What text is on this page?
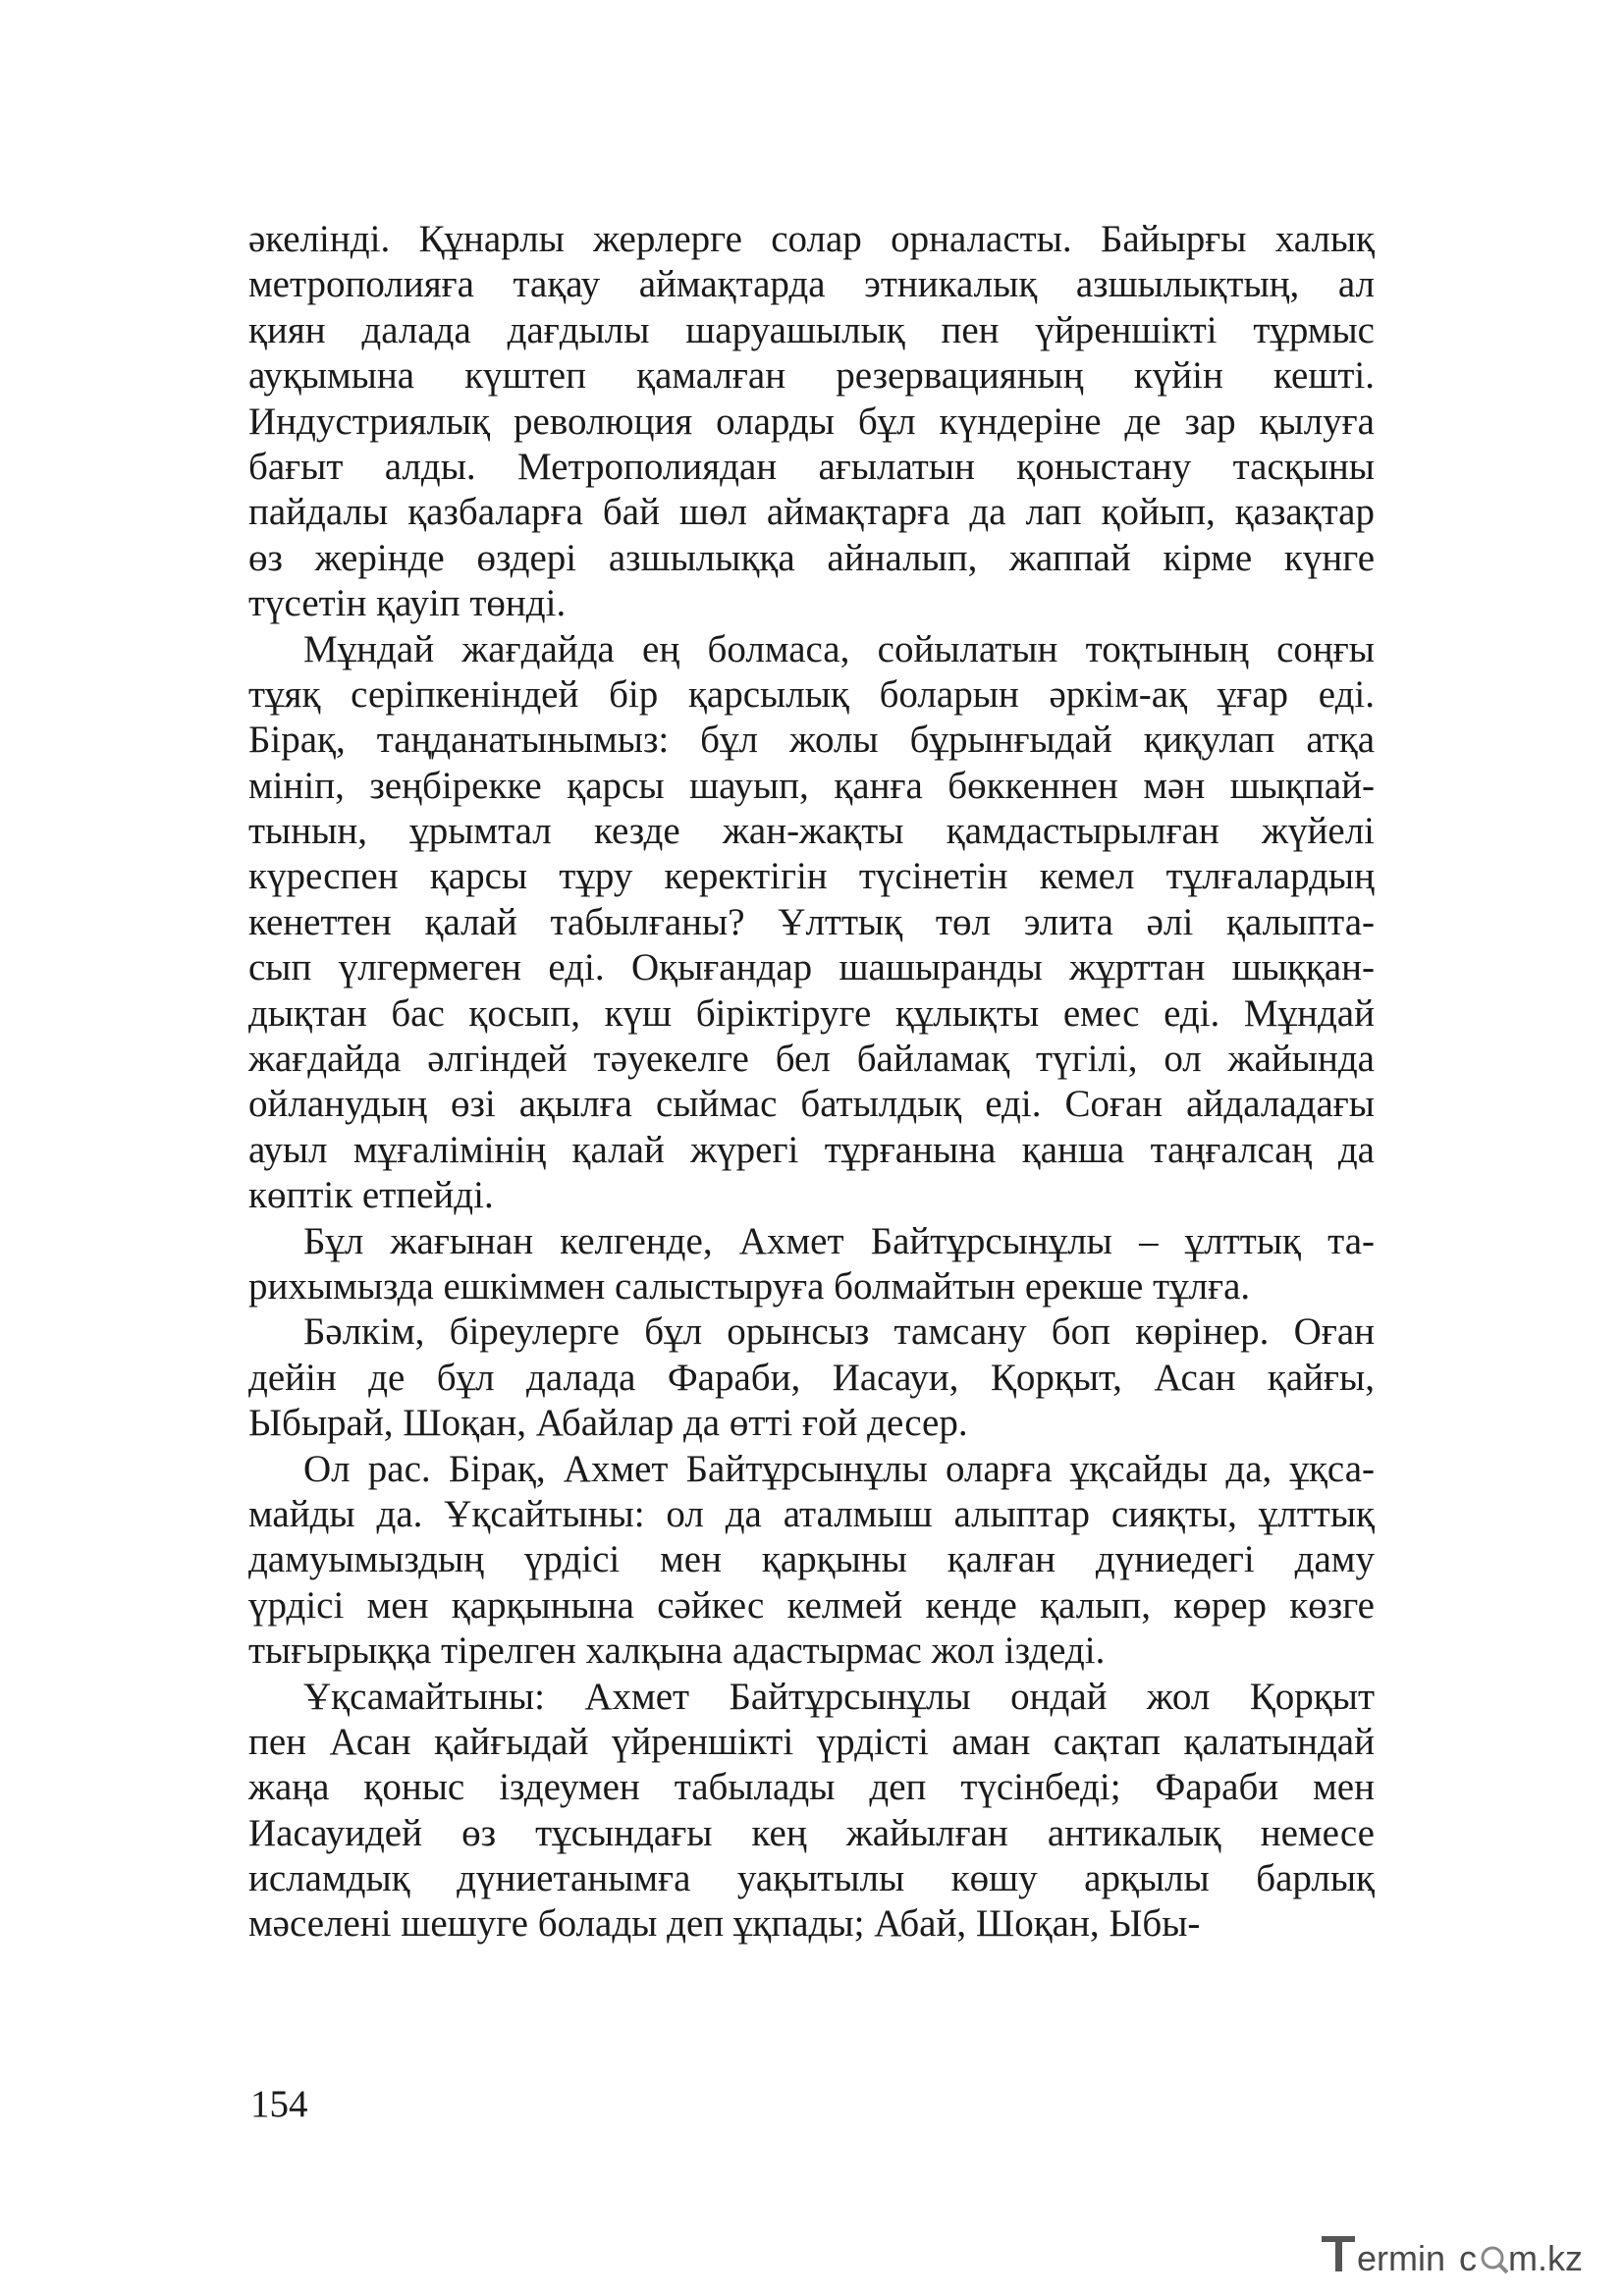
әкелінді. Құнарлы жерлерге солар орналасты. Байырғы халық
метрополияға тақау аймақтарда этникалық азшылықтың, ал
қиян далада дағдылы шаруашылық пен үйреншікті тұрмыс
ауқымына күштеп қамалған резервацияның күйін кешті.
Индустриялық революция оларды бұл күндеріне де зар қылуға
бағыт алды. Метрополиядан ағылатын қоныстану тасқыны
пайдалы қазбаларға бай шөл аймақтарға да лап қойып, қазақтар
өз жерінде өздері азшылыққа айналып, жаппай кірме күнге
түсетін қауіп төнді.
Мұндай жағдайда ең болмаса, сойылатын тоқтының соңғы
тұяқ серіпкеніндей бір қарсылық боларын әркім-ақ ұғар еді.
Бірақ, таңданатынымыз: бұл жолы бұрынғыдай қиқулап атқа
мініп, зеңбірекке қарсы шауып, қанға бөккеннен мән шықпай-
тынын, ұрымтал кезде жан-жақты қамдастырылған жүйелі
күреспен қарсы тұру керектігін түсінетін кемел тұлғалардың
кенеттен қалай табылғаны? Ұлттық төл элита әлі қалыпта-
сып үлгермеген еді. Оқығандар шашыранды жұрттан шыққан-
дықтан бас қосып, күш біріктіруге құлықты емес еді. Мұндай
жағдайда әлгіндей тәуекелге бел байламақ түгілі, ол жайында
ойланудың өзі ақылға сыймас батылдық еді. Соған айдаладағы
ауыл мұғалімінің қалай жүрегі тұрғанына қанша таңғалсаң да
көптік етпейді.
Бұл жағынан келгенде, Ахмет Байтұрсынұлы – ұлттық та-
рихымызда ешкіммен салыстыруға болмайтын ерекше тұлға.
Бәлкім, біреулерге бұл орынсыз тамсану боп көрінер. Оған
дейін де бұл далада Фараби, Иасауи, Қорқыт, Асан қайғы,
Ыбырай, Шоқан, Абайлар да өтті ғой десер.
Ол рас. Бірақ, Ахмет Байтұрсынұлы оларға ұқсайды да, ұқса-
майды да. Ұқсайтыны: ол да аталмыш алыптар сияқты, ұлттық
дамуымыздың үрдісі мен қарқыны қалған дүниедегі даму
үрдісі мен қарқынына сәйкес келмей кенде қалып, көрер көзге
тығырыққа тірелген халқына адастырмас жол іздеді.
Ұқсамайтыны: Ахмет Байтұрсынұлы ондай жол Қорқыт
пен Асан қайғыдай үйреншікті үрдісті аман сақтап қалатындай
жаңа қоныс іздеумен табылады деп түсінбеді; Фараби мен
Иасауидей өз тұсындағы кең жайылған антикалық немесе
исламдық дүниетанымға уақытылы көшу арқылы барлық
мәселені шешуге болады деп ұқпады; Абай, Шоқан, Ыбы-
154
ermin c m.kz
